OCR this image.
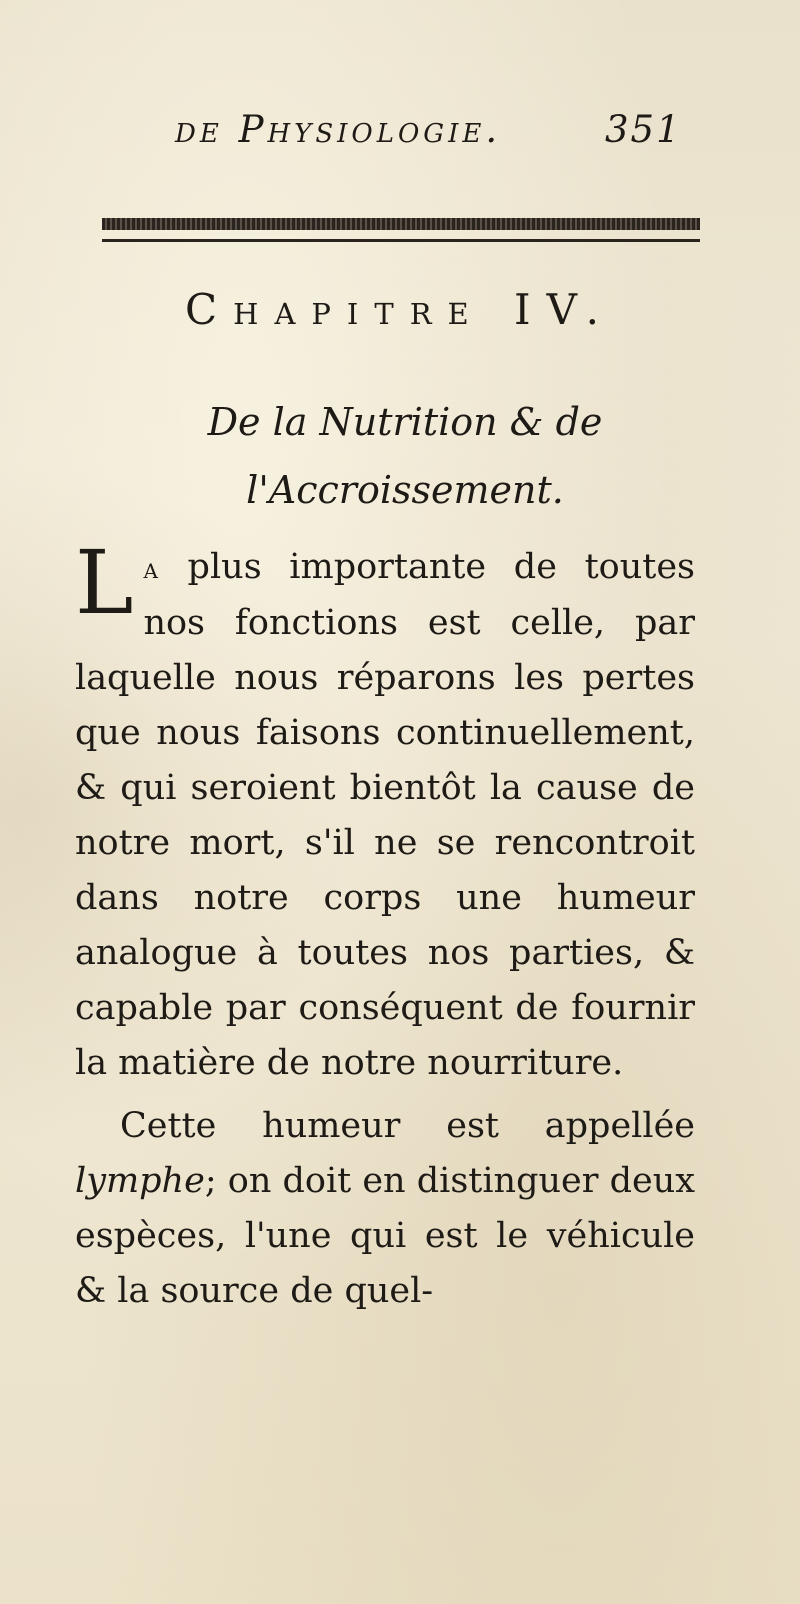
de Physiologie.	351
Chapitre IV.
De la Nutrition & de l'Accroissement.

La plus importante de toutes nos fonctions est celle, par laquelle nous réparons les pertes que nous faisons continuellement, & qui seroient bientôt la cause de notre mort, s'il ne se rencontroit dans notre corps une humeur analogue à toutes nos parties, & capable par conséquent de fournir la matière de notre nourriture.

Cette humeur est appellée lymphe; on doit en distinguer deux espèces, l'une qui est le véhicule & la source de quel-
